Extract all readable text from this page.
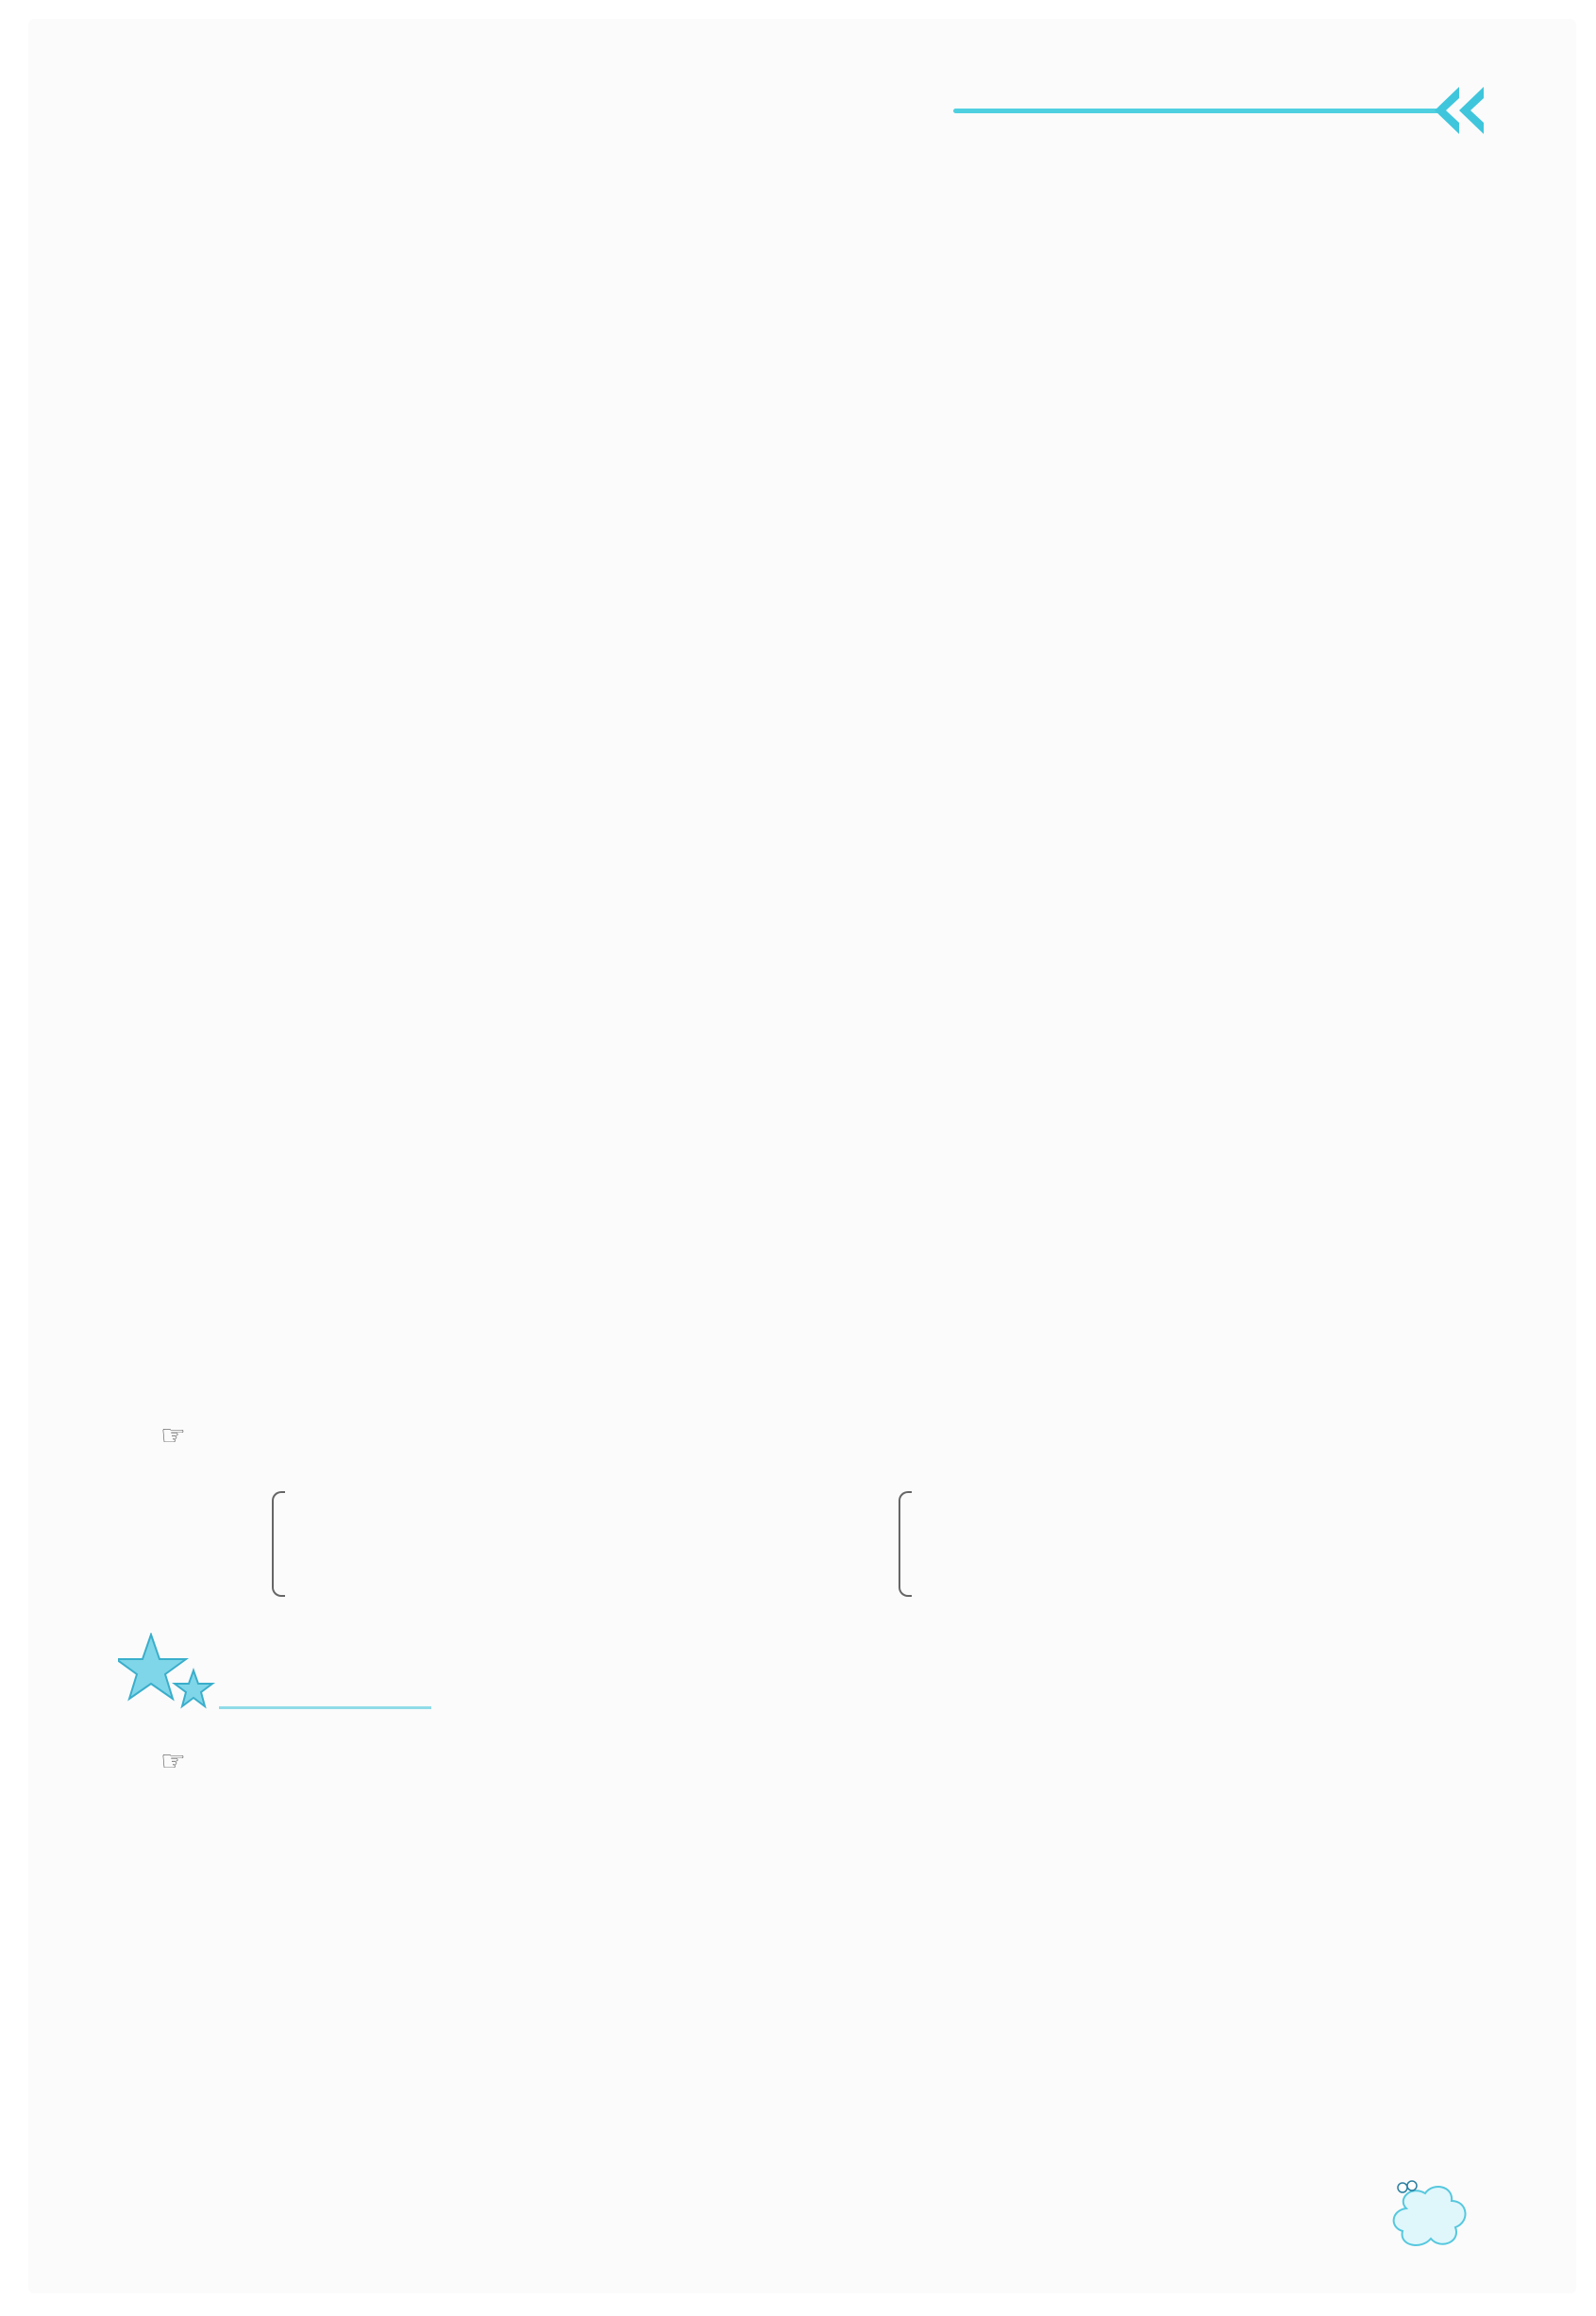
☞
☞
